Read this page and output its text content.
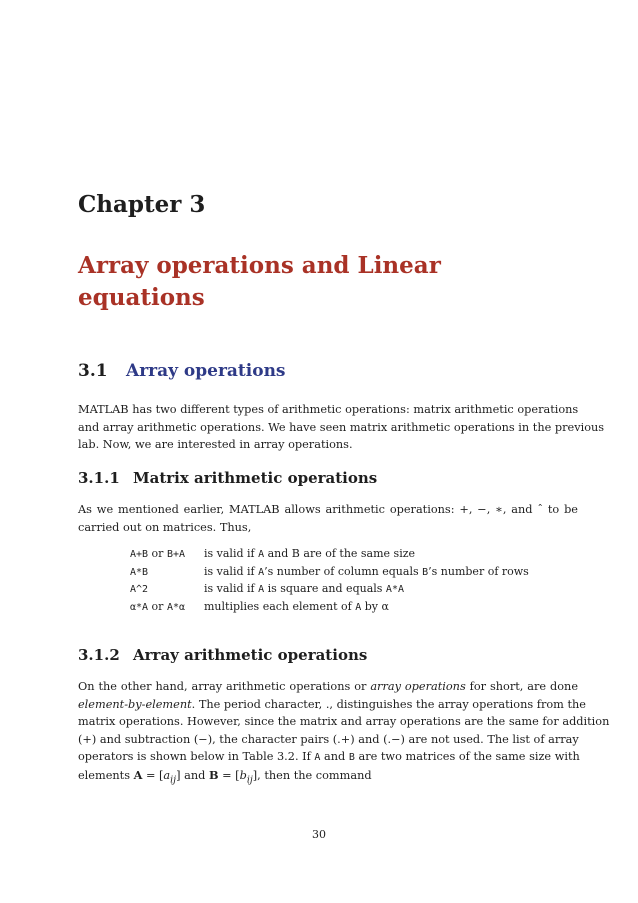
Chapter 3
Array operations and Linear
equations
3.1 Array operations

MATLAB has two different types of arithmetic operations: matrix arithmetic operations
and array arithmetic operations. We have seen matrix arithmetic operations in the previous
lab. Now, we are interested in array operations.

3.1.1 Matrix arithmetic operations

As we mentioned earlier, MATLAB allows arithmetic operations: +, −, ∗, and ˆ to be
carried out on matrices. Thus,

A+B or B+A	is valid if A and B are of the same size
A*B	is valid if A’s number of column equals B’s number of rows
A^2	is valid if A is square and equals A*A
α*A or A*α	multiplies each element of A by α
3.1.2 Array arithmetic operations

On the other hand, array arithmetic operations or array operations for short, are done
element-by-element. The period character, ., distinguishes the array operations from the
matrix operations. However, since the matrix and array operations are the same for addition
(+) and subtraction (−), the character pairs (.+) and (.−) are not used. The list of array
operators is shown below in Table 3.2. If A and B are two matrices of the same size with
elements $A = [a_{ij}]$ and $B = [b_{ij}]$, then the command

30
